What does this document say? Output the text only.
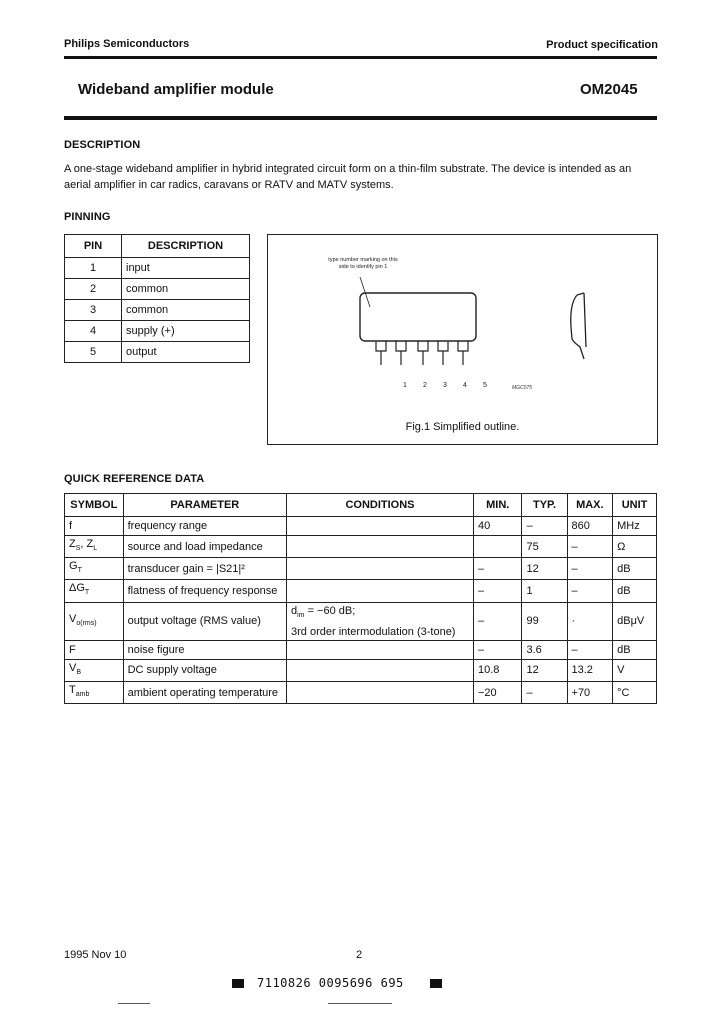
Philips Semiconductors	Product specification
Wideband amplifier module	OM2045
DESCRIPTION

A one-stage wideband amplifier in hybrid integrated circuit form on a thin-film substrate. The device is intended as an

aerial amplifier in car radics, caravans or RATV and MATV systems.

PINNING
PIN	DESCRIPTION
1	input
2	common
3	common
4	supply (+)
5	output
type number marking on this
side to identify pin 1
1 2 3 4 5	MGC075
Fig.1 Simplified outline.
QUICK REFERENCE DATA
SYMBOL	PARAMETER	CONDITIONS	MIN.	TYP.	MAX.	UNIT
f	frequency range		40	–	860	MHz
$Z_S$, $Z_L$	source and load impedance			75	–	Ω
$G_T$	transducer gain = |S21|²		–	12	–	dB
$\Delta G_T$	flatness of frequency response		–	1	–	dB
$V_{o(rms)}$	output voltage (RMS value)	$d_{im} = -60$ dB;
3rd order intermodulation (3-tone)	–	99	·	dBμV
F	noise figure		–	3.6	–	dB
$V_B$	DC supply voltage		10.8	12	13.2	V
$T_{amb}$	ambient operating temperature		−20	–	+70	°C
1995 Nov 10	2
7110826 0095696 695
